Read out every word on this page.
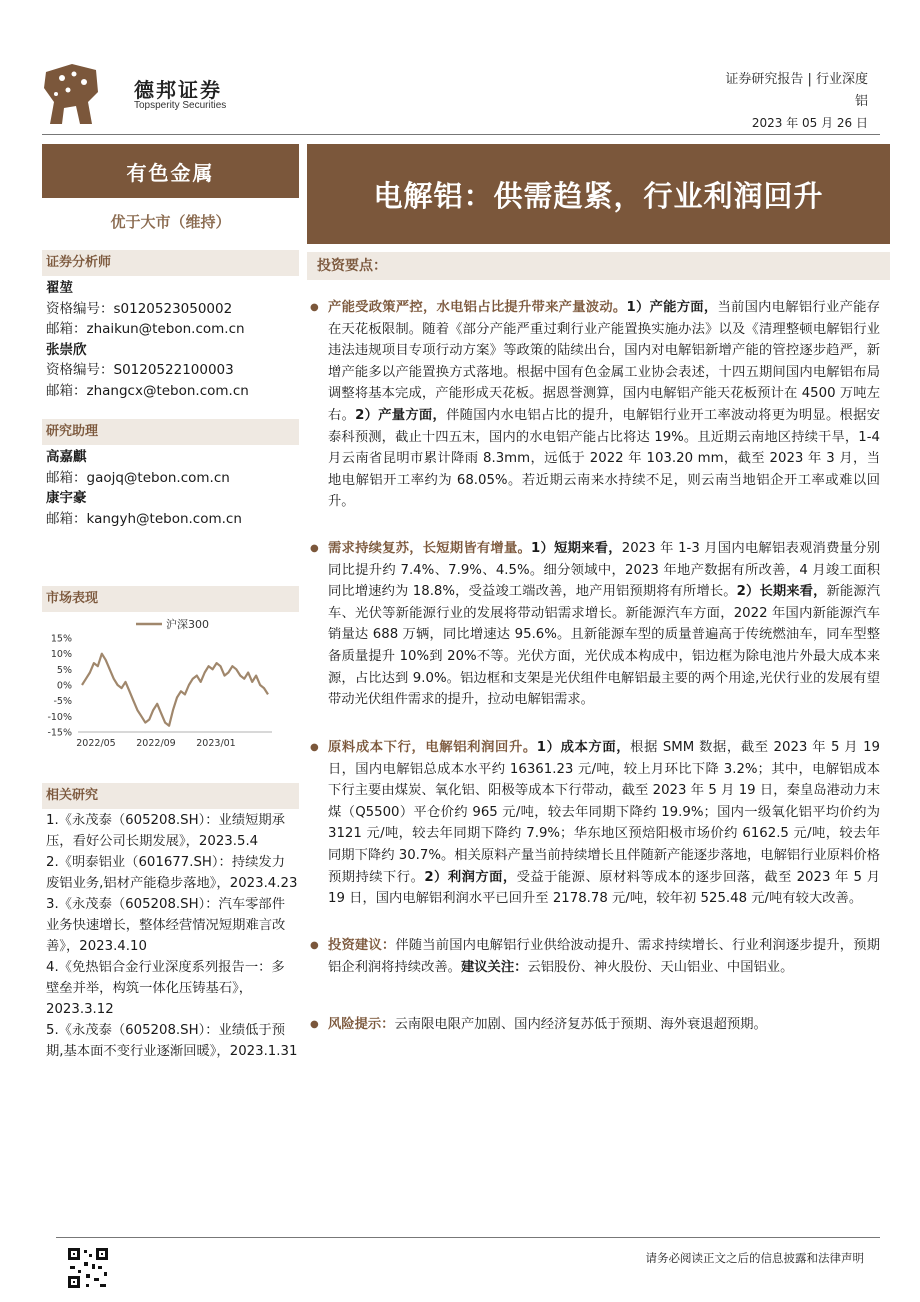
德邦证券
Topsperity Securities
证券研究报告 | 行业深度
铝
2023 年 05 月 26 日
有色金属
优于大市（维持）
电解铝：供需趋紧，行业利润回升
证券分析师
翟堃
资格编号：s0120523050002
邮箱：zhaikun@tebon.com.cn
张崇欣
资格编号：S0120522100003
邮箱：zhangcx@tebon.com.cn
研究助理
高嘉麒
邮箱：gaojq@tebon.com.cn
康宇豪
邮箱：kangyh@tebon.com.cn
市场表现
沪深300
15%
10%
5%
0%
-5%
-10%
-15%
2022/05 2022/09 2023/01
相关研究
1.《永茂泰（605208.SH）：业绩短期承压，看好公司长期发展》，2023.5.4
2.《明泰铝业（601677.SH）：持续发力废铝业务,铝材产能稳步落地》，2023.4.23
3.《永茂泰（605208.SH）：汽车零部件业务快速增长，整体经营情况短期难言改善》，2023.4.10
4.《免热铝合金行业深度系列报告一：多壁垒并举，构筑一体化压铸基石》，2023.3.12
5.《永茂泰（605208.SH）：业绩低于预期,基本面不变行业逐渐回暖》，2023.1.31
投资要点：
● 产能受政策严控，水电铝占比提升带来产量波动。1）产能方面，当前国内电解铝行业产能存在天花板限制。随着《部分产能严重过剩行业产能置换实施办法》以及《清理整顿电解铝行业违法违规项目专项行动方案》等政策的陆续出台，国内对电解铝新增产能的管控逐步趋严，新增产能多以产能置换方式落地。根据中国有色金属工业协会表述，十四五期间国内电解铝布局调整将基本完成，产能形成天花板。据恩誉测算，国内电解铝产能天花板预计在 4500 万吨左右。2）产量方面，伴随国内水电铝占比的提升，电解铝行业开工率波动将更为明显。根据安泰科预测，截止十四五末，国内的水电铝产能占比将达 19%。且近期云南地区持续干旱，1-4 月云南省昆明市累计降雨 8.3mm，远低于 2022 年 103.20 mm，截至 2023 年 3 月，当地电解铝开工率约为 68.05%。若近期云南来水持续不足，则云南当地铝企开工率或难以回升。
● 需求持续复苏，长短期皆有增量。1）短期来看，2023 年 1-3 月国内电解铝表观消费量分别同比提升约 7.4%、7.9%、4.5%。细分领域中，2023 年地产数据有所改善，4 月竣工面积同比增速约为 18.8%，受益竣工端改善，地产用铝预期将有所增长。2）长期来看，新能源汽车、光伏等新能源行业的发展将带动铝需求增长。新能源汽车方面，2022 年国内新能源汽车销量达 688 万辆，同比增速达 95.6%。且新能源车型的质量普遍高于传统燃油车，同车型整备质量提升 10%到 20%不等。光伏方面，光伏成本构成中，铝边框为除电池片外最大成本来源，占比达到 9.0%。铝边框和支架是光伏组件电解铝最主要的两个用途,光伏行业的发展有望带动光伏组件需求的提升，拉动电解铝需求。
● 原料成本下行，电解铝利润回升。1）成本方面，根据 SMM 数据，截至 2023 年 5 月 19 日，国内电解铝总成本水平约 16361.23 元/吨，较上月环比下降 3.2%；其中，电解铝成本下行主要由煤炭、氧化铝、阳极等成本下行带动，截至 2023 年 5 月 19 日，秦皇岛港动力末煤（Q5500）平仓价约 965 元/吨，较去年同期下降约 19.9%；国内一级氧化铝平均价约为 3121 元/吨，较去年同期下降约 7.9%；华东地区预焙阳极市场价约 6162.5 元/吨，较去年同期下降约 30.7%。相关原料产量当前持续增长且伴随新产能逐步落地，电解铝行业原料价格预期持续下行。2）利润方面，受益于能源、原材料等成本的逐步回落，截至 2023 年 5 月 19 日，国内电解铝利润水平已回升至 2178.78 元/吨，较年初 525.48 元/吨有较大改善。
● 投资建议：伴随当前国内电解铝行业供给波动提升、需求持续增长、行业利润逐步提升，预期铝企利润将持续改善。建议关注：云铝股份、神火股份、天山铝业、中国铝业。
● 风险提示：云南限电限产加剧、国内经济复苏低于预期、海外衰退超预期。
请务必阅读正文之后的信息披露和法律声明
